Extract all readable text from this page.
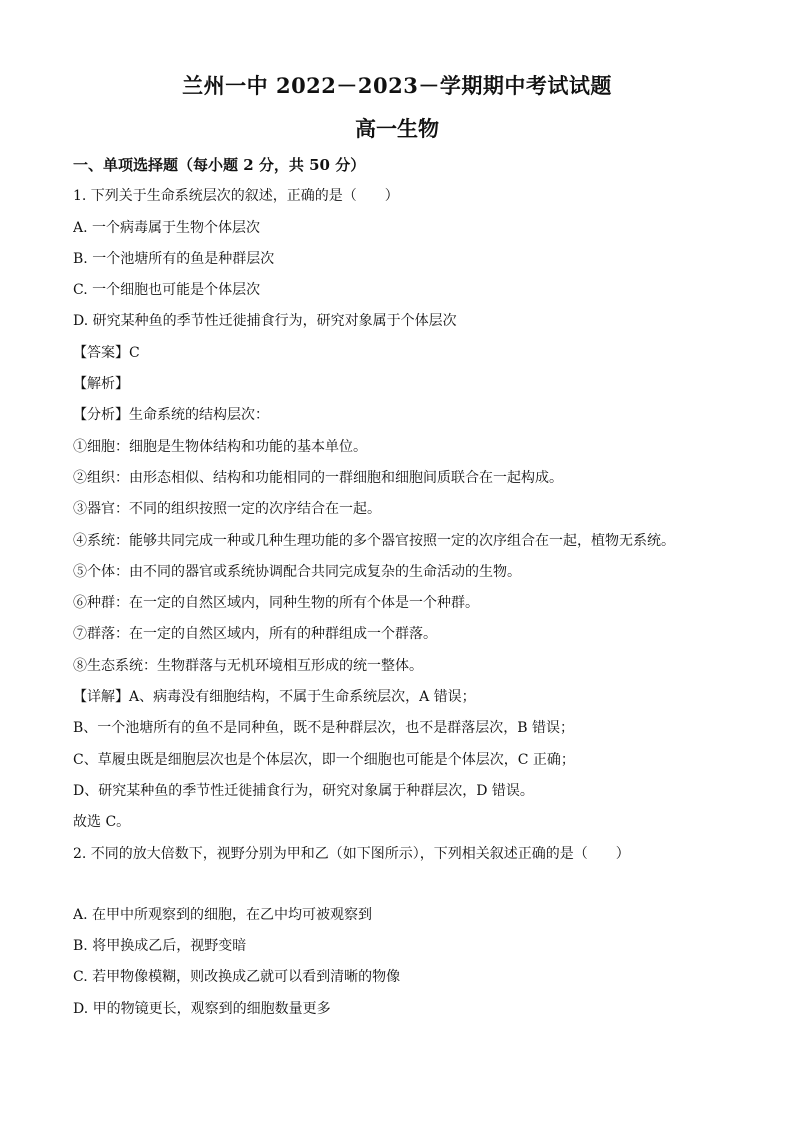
兰州一中 2022－2023－学期期中考试试题
高一生物
一、单项选择题（每小题 2 分，共 50 分）
1. 下列关于生命系统层次的叙述，正确的是（　　）
A. 一个病毒属于生物个体层次
B. 一个池塘所有的鱼是种群层次
C. 一个细胞也可能是个体层次
D. 研究某种鱼的季节性迁徙捕食行为，研究对象属于个体层次
【答案】C
【解析】
【分析】生命系统的结构层次：
①细胞：细胞是生物体结构和功能的基本单位。
②组织：由形态相似、结构和功能相同的一群细胞和细胞间质联合在一起构成。
③器官：不同的组织按照一定的次序结合在一起。
④系统：能够共同完成一种或几种生理功能的多个器官按照一定的次序组合在一起，植物无系统。
⑤个体：由不同的器官或系统协调配合共同完成复杂的生命活动的生物。
⑥种群：在一定的自然区域内，同种生物的所有个体是一个种群。
⑦群落：在一定的自然区域内，所有的种群组成一个群落。
⑧生态系统：生物群落与无机环境相互形成的统一整体。
【详解】A、病毒没有细胞结构，不属于生命系统层次，A 错误；
B、一个池塘所有的鱼不是同种鱼，既不是种群层次，也不是群落层次，B 错误；
C、草履虫既是细胞层次也是个体层次，即一个细胞也可能是个体层次，C 正确；
D、研究某种鱼的季节性迁徙捕食行为，研究对象属于种群层次，D 错误。
故选 C。
2. 不同的放大倍数下，视野分别为甲和乙（如下图所示），下列相关叙述正确的是（　　）
A. 在甲中所观察到的细胞，在乙中均可被观察到
B. 将甲换成乙后，视野变暗
C. 若甲物像模糊，则改换成乙就可以看到清晰的物像
D. 甲的物镜更长，观察到的细胞数量更多
